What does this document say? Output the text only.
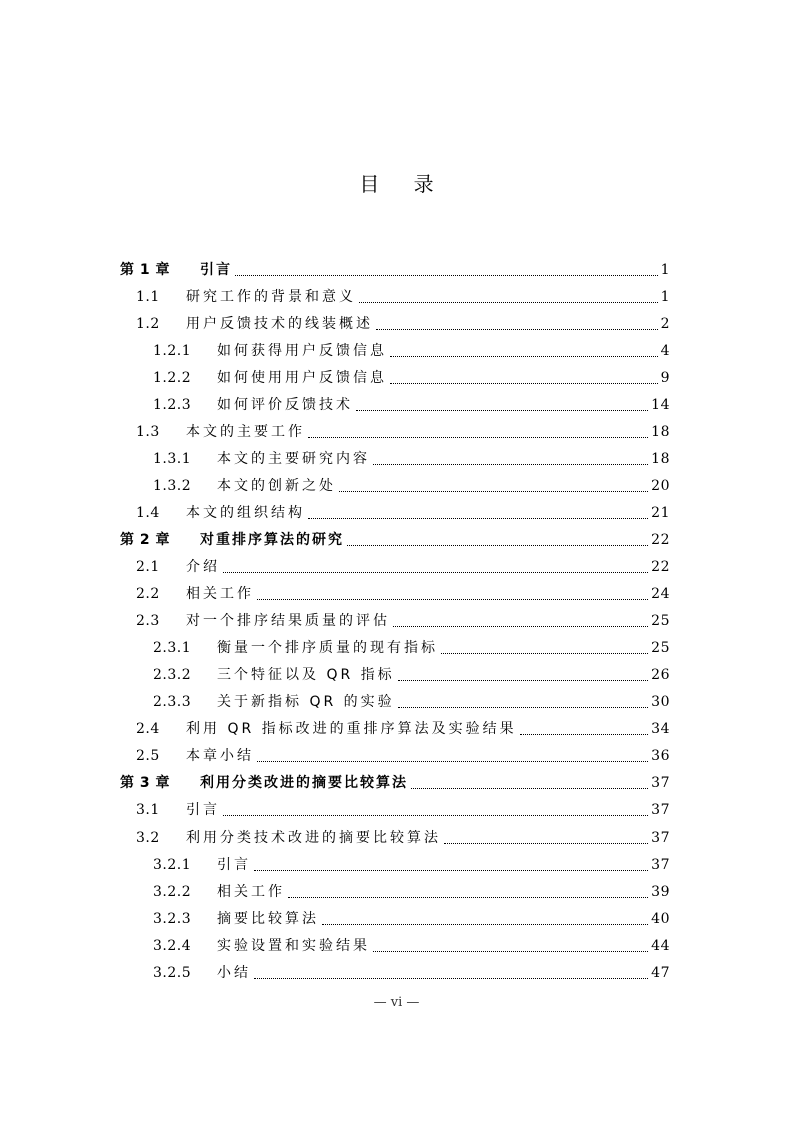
目 录
第 1 章	引言	1
1.1	研究工作的背景和意义	1
1.2	用户反馈技术的线装概述	2
1.2.1	如何获得用户反馈信息	4
1.2.2	如何使用用户反馈信息	9
1.2.3	如何评价反馈技术	14
1.3	本文的主要工作	18
1.3.1	本文的主要研究内容	18
1.3.2	本文的创新之处	20
1.4	本文的组织结构	21
第 2 章	对重排序算法的研究	22
2.1	介绍	22
2.2	相关工作	24
2.3	对一个排序结果质量的评估	25
2.3.1	衡量一个排序质量的现有指标	25
2.3.2	三个特征以及 QR 指标	26
2.3.3	关于新指标 QR 的实验	30
2.4	利用 QR 指标改进的重排序算法及实验结果	34
2.5	本章小结	36
第 3 章	利用分类改进的摘要比较算法	37
3.1	引言	37
3.2	利用分类技术改进的摘要比较算法	37
3.2.1	引言	37
3.2.2	相关工作	39
3.2.3	摘要比较算法	40
3.2.4	实验设置和实验结果	44
3.2.5	小结	47
— vi —
